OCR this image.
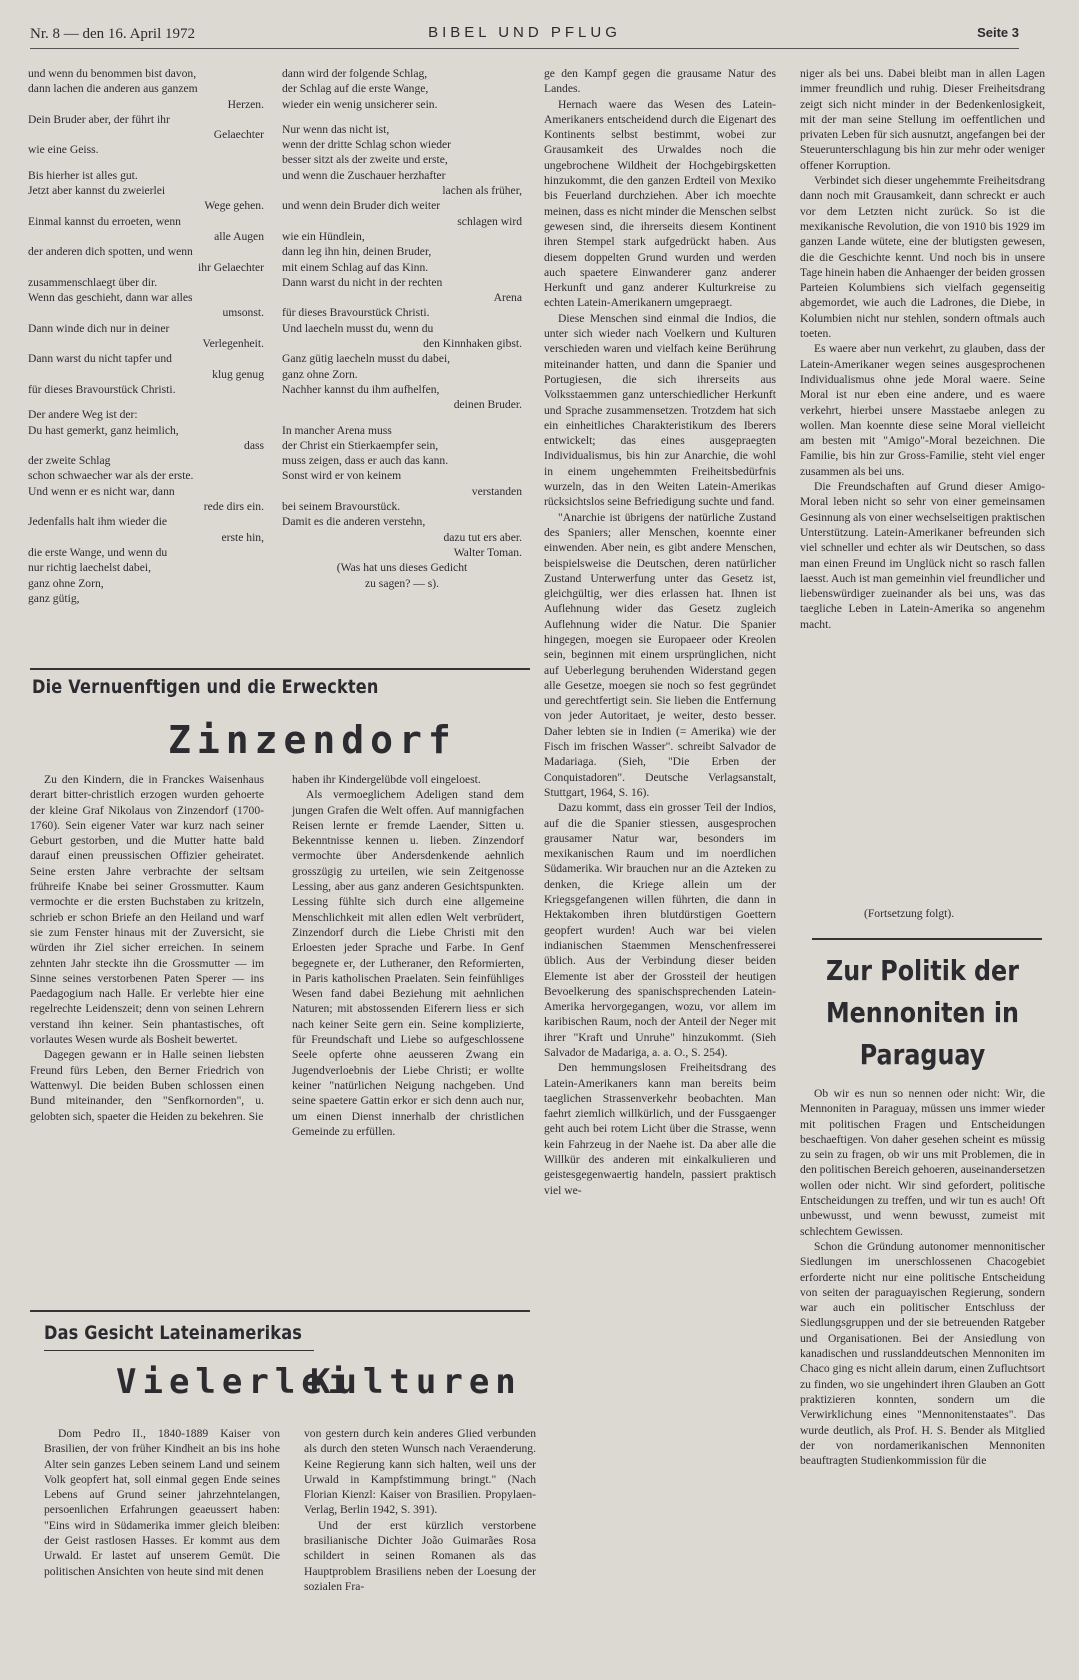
Nr. 8 — den 16. April 1972	BIBEL UND PFLUG	Seite 3
und wenn du benommen bist davon,
dann lachen die anderen aus ganzem
Herzen.
Dein Bruder aber, der führt ihr
Gelaechter
wie eine Geiss.
Bis hierher ist alles gut.
Jetzt aber kannst du zweierlei
Wege gehen.
Einmal kannst du erroeten, wenn
alle Augen
der anderen dich spotten, und wenn
ihr Gelaechter
zusammenschlaegt über dir.
Wenn das geschieht, dann war alles
umsonst.
Dann winde dich nur in deiner
Verlegenheit.
Dann warst du nicht tapfer und
klug genug
für dieses Bravourstück Christi.
Der andere Weg ist der:
Du hast gemerkt, ganz heimlich,
dass
der zweite Schlag
schon schwaecher war als der erste.
Und wenn er es nicht war, dann
rede dirs ein.
Jedenfalls halt ihm wieder die
erste hin,
die erste Wange, und wenn du
nur richtig laechelst dabei,
ganz ohne Zorn,
ganz gütig,
dann wird der folgende Schlag,
der Schlag auf die erste Wange,
wieder ein wenig unsicherer sein.
Nur wenn das nicht ist,
wenn der dritte Schlag schon wieder
besser sitzt als der zweite und erste,
und wenn die Zuschauer herzhafter
lachen als früher,
und wenn dein Bruder dich weiter
schlagen wird
wie ein Hündlein,
dann leg ihn hin, deinen Bruder,
mit einem Schlag auf das Kinn.
Dann warst du nicht in der rechten
Arena
für dieses Bravourstück Christi.
Und laecheln musst du, wenn du
den Kinnhaken gibst.
Ganz gütig laecheln musst du dabei,
ganz ohne Zorn.
Nachher kannst du ihm aufhelfen,
deinen Bruder.
In mancher Arena muss
der Christ ein Stierkaempfer sein,
muss zeigen, dass er auch das kann.
Sonst wird er von keinem
verstanden
bei seinem Bravourstück.
Damit es die anderen verstehn,
dazu tut ers aber.
Walter Toman.
(Was hat uns dieses Gedicht
zu sagen? — s).
Die Vernuenftigen und die Erweckten
Zinzendorf

Zu den Kindern, die in Franckes Waisenhaus derart bitter-christlich erzogen wurden gehoerte der kleine Graf Nikolaus von Zinzendorf (1700-1760). Sein eigener Vater war kurz nach seiner Geburt gestorben, und die Mutter hatte bald darauf einen preussischen Offizier geheiratet. Seine ersten Jahre verbrachte der seltsam frühreife Knabe bei seiner Grossmutter. Kaum vermochte er die ersten Buchstaben zu kritzeln, schrieb er schon Briefe an den Heiland und warf sie zum Fenster hinaus mit der Zuversicht, sie würden ihr Ziel sicher erreichen. In seinem zehnten Jahr steckte ihn die Grossmutter — im Sinne seines verstorbenen Paten Sperer — ins Paedagogium nach Halle. Er verlebte hier eine regelrechte Leidenszeit; denn von seinen Lehrern verstand ihn keiner. Sein phantastisches, oft vorlautes Wesen wurde als Bosheit bewertet.

Dagegen gewann er in Halle seinen liebsten Freund fürs Leben, den Berner Friedrich von Wattenwyl. Die beiden Buben schlossen einen Bund miteinander, den "Senfkornorden", u. gelobten sich, spaeter die Heiden zu bekehren. Sie

haben ihr Kindergelübde voll eingeloest.

Als vermoeglichem Adeligen stand dem jungen Grafen die Welt offen. Auf mannigfachen Reisen lernte er fremde Laender, Sitten u. Bekenntnisse kennen u. lieben. Zinzendorf vermochte über Andersdenkende aehnlich grosszügig zu urteilen, wie sein Zeitgenosse Lessing, aber aus ganz anderen Gesichtspunkten. Lessing fühlte sich durch eine allgemeine Menschlichkeit mit allen edlen Welt verbrüdert, Zinzendorf durch die Liebe Christi mit den Erloesten jeder Sprache und Farbe. In Genf begegnete er, der Lutheraner, den Reformierten, in Paris katholischen Praelaten. Sein feinfühliges Wesen fand dabei Beziehung mit aehnlichen Naturen; mit abstossenden Eiferern liess er sich nach keiner Seite gern ein. Seine komplizierte, für Freundschaft und Liebe so aufgeschlossene Seele opferte ohne aeusseren Zwang ein Jugendverloebnis der Liebe Christi; er wollte keiner "natürlichen Neigung nachgeben. Und seine spaetere Gattin erkor er sich denn auch nur, um einen Dienst innerhalb der christlichen Gemeinde zu erfüllen.

Das Gesicht Lateinamerikas
Vielerlei
Kulturen

Dom Pedro II., 1840-1889 Kaiser von Brasilien, der von früher Kindheit an bis ins hohe Alter sein ganzes Leben seinem Land und seinem Volk geopfert hat, soll einmal gegen Ende seines Lebens auf Grund seiner jahrzehntelangen, persoenlichen Erfahrungen geaeussert haben: "Eins wird in Südamerika immer gleich bleiben: der Geist rastlosen Hasses. Er kommt aus dem Urwald. Er lastet auf unserem Gemüt. Die politischen Ansichten von heute sind mit denen

von gestern durch kein anderes Glied verbunden als durch den steten Wunsch nach Veraenderung. Keine Regierung kann sich halten, weil uns der Urwald in Kampfstimmung bringt." (Nach Florian Kienzl: Kaiser von Brasilien. Propylaen-Verlag, Berlin 1942, S. 391).

Und der erst kürzlich verstorbene brasilianische Dichter João Guimarães Rosa schildert in seinen Romanen als das Hauptproblem Brasiliens neben der Loesung der sozialen Fra-

ge den Kampf gegen die grausame Natur des Landes.

Hernach waere das Wesen des Latein-Amerikaners entscheidend durch die Eigenart des Kontinents selbst bestimmt, wobei zur Grausamkeit des Urwaldes noch die ungebrochene Wildheit der Hochgebirgsketten hinzukommt, die den ganzen Erdteil von Mexiko bis Feuerland durchziehen. Aber ich moechte meinen, dass es nicht minder die Menschen selbst gewesen sind, die ihrerseits diesem Kontinent ihren Stempel stark aufgedrückt haben. Aus diesem doppelten Grund wurden und werden auch spaetere Einwanderer ganz anderer Herkunft und ganz anderer Kulturkreise zu echten Latein-Amerikanern umgepraegt.

Diese Menschen sind einmal die Indios, die unter sich wieder nach Voelkern und Kulturen verschieden waren und vielfach keine Berührung miteinander hatten, und dann die Spanier und Portugiesen, die sich ihrerseits aus Volksstaemmen ganz unterschiedlicher Herkunft und Sprache zusammensetzen. Trotzdem hat sich ein einheitliches Charakteristikum des Iberers entwickelt; das eines ausgepraegten Individualismus, bis hin zur Anarchie, die wohl in einem ungehemmten Freiheitsbedürfnis wurzeln, das in den Weiten Latein-Amerikas rücksichtslos seine Befriedigung suchte und fand.

"Anarchie ist übrigens der natürliche Zustand des Spaniers; aller Menschen, koennte einer einwenden. Aber nein, es gibt andere Menschen, beispielsweise die Deutschen, deren natürlicher Zustand Unterwerfung unter das Gesetz ist, gleichgültig, wer dies erlassen hat. Ihnen ist Auflehnung wider das Gesetz zugleich Auflehnung wider die Natur. Die Spanier hingegen, moegen sie Europaeer oder Kreolen sein, beginnen mit einem ursprünglichen, nicht auf Ueberlegung beruhenden Widerstand gegen alle Gesetze, moegen sie noch so fest gegründet und gerechtfertigt sein. Sie lieben die Entfernung von jeder Autoritaet, je weiter, desto besser. Daher lebten sie in Indien (= Amerika) wie der Fisch im frischen Wasser". schreibt Salvador de Madariaga. (Sieh, "Die Erben der Conquistadoren". Deutsche Verlagsanstalt, Stuttgart, 1964, S. 16).

Dazu kommt, dass ein grosser Teil der Indios, auf die die Spanier stiessen, ausgesprochen grausamer Natur war, besonders im mexikanischen Raum und im noerdlichen Südamerika. Wir brauchen nur an die Azteken zu denken, die Kriege allein um der Kriegsgefangenen willen führten, die dann in Hektakomben ihren blutdürstigen Goettern geopfert wurden! Auch war bei vielen indianischen Staemmen Menschenfresserei üblich. Aus der Verbindung dieser beiden Elemente ist aber der Grossteil der heutigen Bevoelkerung des spanischsprechenden Latein-Amerika hervorgegangen, wozu, vor allem im karibischen Raum, noch der Anteil der Neger mit ihrer "Kraft und Unruhe" hinzukommt. (Sieh Salvador de Madariga, a. a. O., S. 254).

Den hemmungslosen Freiheitsdrang des Latein-Amerikaners kann man bereits beim taeglichen Strassenverkehr beobachten. Man faehrt ziemlich willkürlich, und der Fussgaenger geht auch bei rotem Licht über die Strasse, wenn kein Fahrzeug in der Naehe ist. Da aber alle die Willkür des anderen mit einkalkulieren und geistesgegenwaertig handeln, passiert praktisch viel we-

niger als bei uns. Dabei bleibt man in allen Lagen immer freundlich und ruhig. Dieser Freiheitsdrang zeigt sich nicht minder in der Bedenkenlosigkeit, mit der man seine Stellung im oeffentlichen und privaten Leben für sich ausnutzt, angefangen bei der Steuerunterschlagung bis hin zur mehr oder weniger offener Korruption.

Verbindet sich dieser ungehemmte Freiheitsdrang dann noch mit Grausamkeit, dann schreckt er auch vor dem Letzten nicht zurück. So ist die mexikanische Revolution, die von 1910 bis 1929 im ganzen Lande wütete, eine der blutigsten gewesen, die die Geschichte kennt. Und noch bis in unsere Tage hinein haben die Anhaenger der beiden grossen Parteien Kolumbiens sich vielfach gegenseitig abgemordet, wie auch die Ladrones, die Diebe, in Kolumbien nicht nur stehlen, sondern oftmals auch toeten.

Es waere aber nun verkehrt, zu glauben, dass der Latein-Amerikaner wegen seines ausgesprochenen Individualismus ohne jede Moral waere. Seine Moral ist nur eben eine andere, und es waere verkehrt, hierbei unsere Masstaebe anlegen zu wollen. Man koennte diese seine Moral vielleicht am besten mit "Amigo"-Moral bezeichnen. Die Familie, bis hin zur Gross-Familie, steht viel enger zusammen als bei uns.

Die Freundschaften auf Grund dieser Amigo-Moral leben nicht so sehr von einer gemeinsamen Gesinnung als von einer wechselseitigen praktischen Unterstützung. Latein-Amerikaner befreunden sich viel schneller und echter als wir Deutschen, so dass man einen Freund im Unglück nicht so rasch fallen laesst. Auch ist man gemeinhin viel freundlicher und liebenswürdiger zueinander als bei uns, was das taegliche Leben in Latein-Amerika so angenehm macht.

(Fortsetzung folgt).
Zur Politik der
Mennoniten in
Paraguay

Ob wir es nun so nennen oder nicht: Wir, die Mennoniten in Paraguay, müssen uns immer wieder mit politischen Fragen und Entscheidungen beschaeftigen. Von daher gesehen scheint es müssig zu sein zu fragen, ob wir uns mit Problemen, die in den politischen Bereich gehoeren, auseinandersetzen wollen oder nicht. Wir sind gefordert, politische Entscheidungen zu treffen, und wir tun es auch! Oft unbewusst, und wenn bewusst, zumeist mit schlechtem Gewissen.

Schon die Gründung autonomer mennonitischer Siedlungen im unerschlossenen Chacogebiet erforderte nicht nur eine politische Entscheidung von seiten der paraguayischen Regierung, sondern war auch ein politischer Entschluss der Siedlungsgruppen und der sie betreuenden Ratgeber und Organisationen. Bei der Ansiedlung von kanadischen und russlanddeutschen Mennoniten im Chaco ging es nicht allein darum, einen Zufluchtsort zu finden, wo sie ungehindert ihren Glauben an Gott praktizieren konnten, sondern um die Verwirklichung eines "Mennonitenstaates". Das wurde deutlich, als Prof. H. S. Bender als Mitglied der von nordamerikanischen Mennoniten beauftragten Studienkommission für die
